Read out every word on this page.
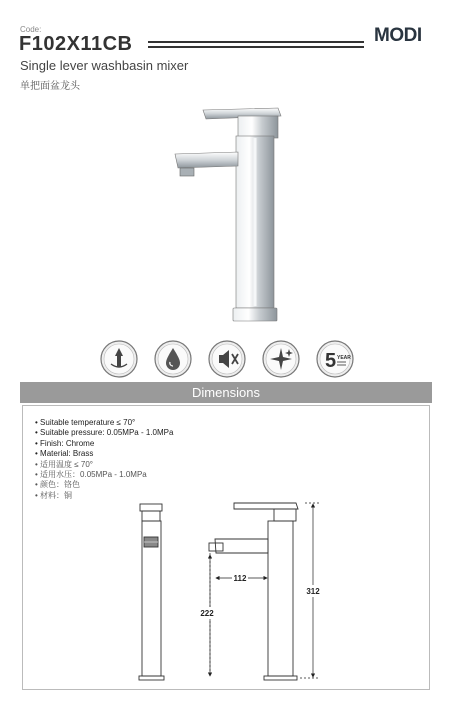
Code:
F102X11CB	MODI
Single lever washbasin mixer
单把面盆龙头
5 YEAR
Dimensions
• Suitable temperature ≤ 70°
• Suitable pressure: 0.05MPa - 1.0MPa
• Finish: Chrome
• Material: Brass
• 适用温度 ≤ 70°
• 适用水压：0.05MPa - 1.0MPa
• 颜色：铬色
• 材料：铜
112
222
312
